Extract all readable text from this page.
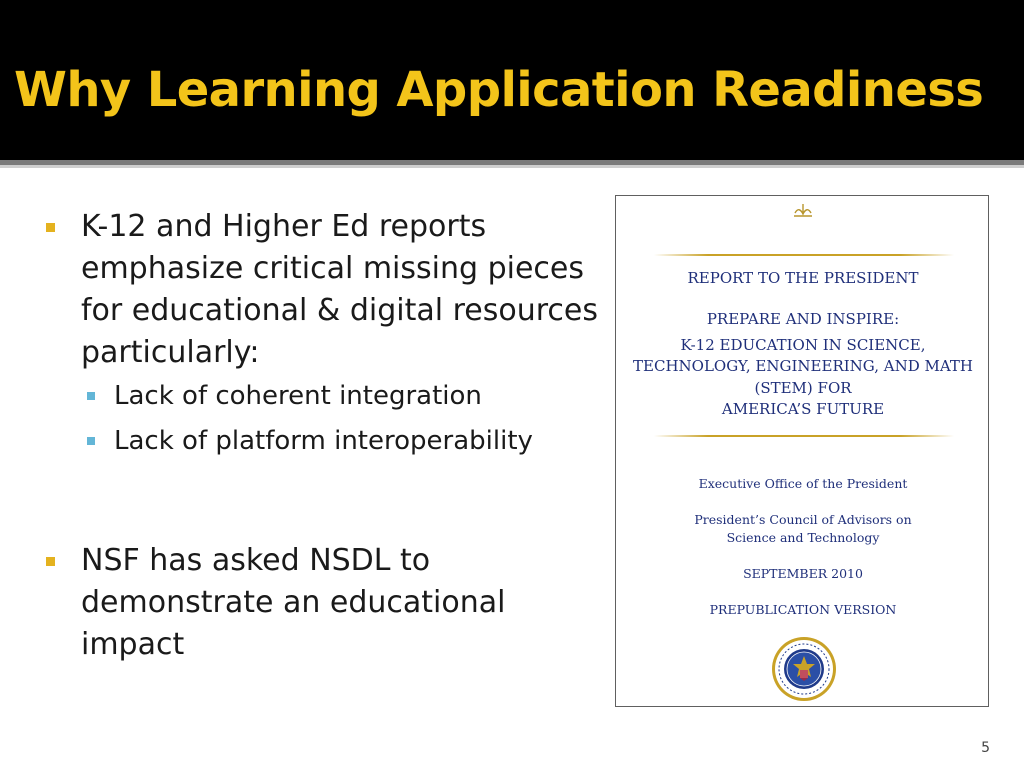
Why Learning Application Readiness
K-12 and Higher Ed reports emphasize critical missing pieces for educational & digital resources particularly:
Lack of coherent integration
Lack of platform interoperability
NSF has asked NSDL to demonstrate an educational impact
REPORT TO THE PRESIDENT
PREPARE AND INSPIRE:
K-12 EDUCATION IN SCIENCE,
TECHNOLOGY, ENGINEERING, AND MATH
(STEM) FOR
AMERICA’S FUTURE
Executive Office of the President
President’s Council of Advisors on
Science and Technology
SEPTEMBER 2010
PREPUBLICATION VERSION
5
